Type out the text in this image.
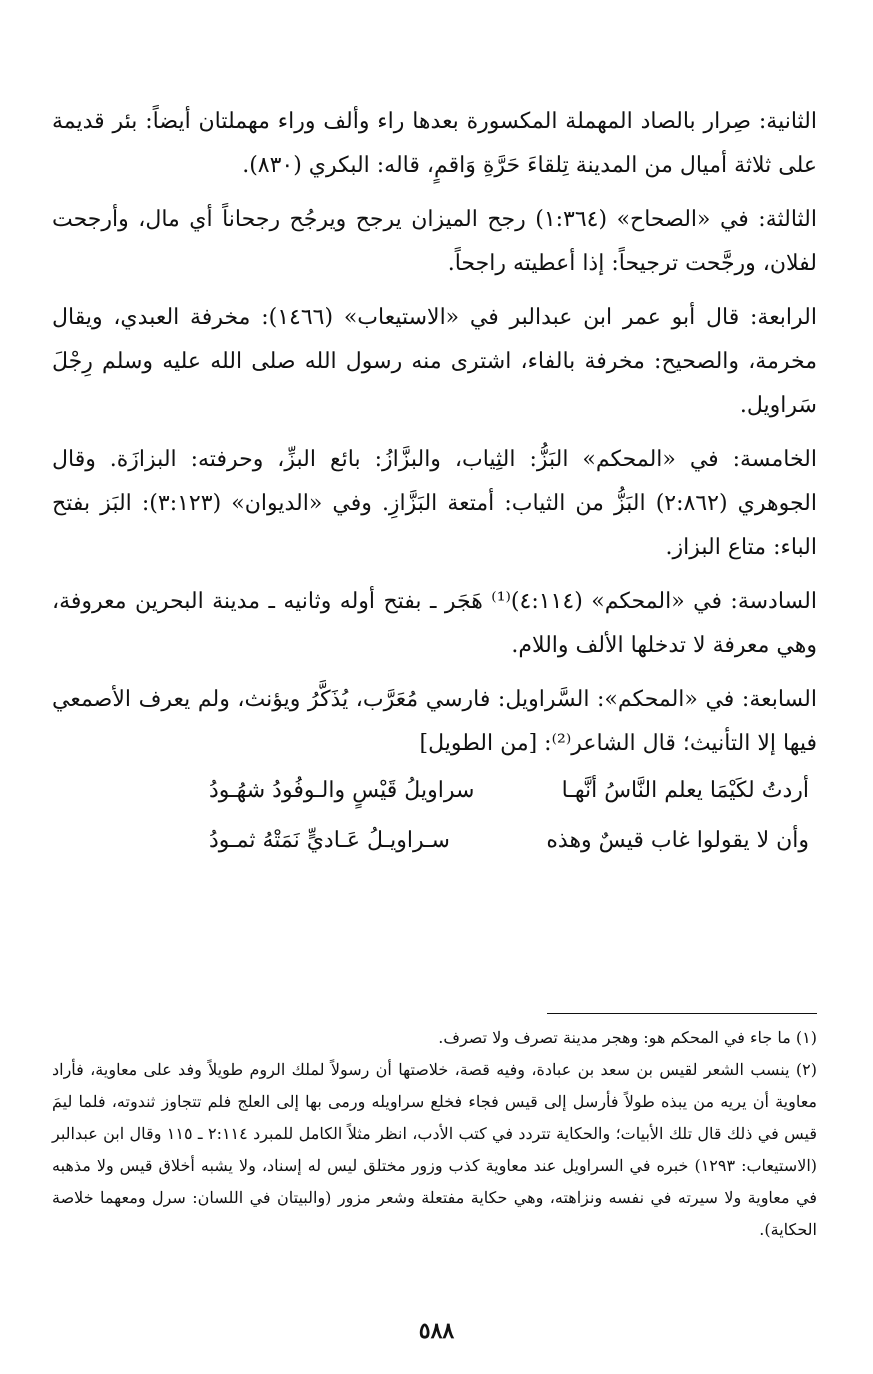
الثانية: صِرار بالصاد المهملة المكسورة بعدها راء وألف وراء مهملتان أيضاً: بئر قديمة على ثلاثة أميال من المدينة تِلقاءَ حَرَّةِ وَاقمٍ، قاله: البكري (٨٣٠).

الثالثة: في «الصحاح» (١:٣٦٤) رجح الميزان يرجح ويرجُح رجحاناً أي مال، وأرجحت لفلان، ورجَّحت ترجيحاً: إذا أعطيته راجحاً.

الرابعة: قال أبو عمر ابن عبدالبر في «الاستيعاب» (١٤٦٦): مخرفة العبدي، ويقال مخرمة، والصحيح: مخرفة بالفاء، اشترى منه رسول الله صلى الله عليه وسلم رِجْلَ سَراويل.

الخامسة: في «المحكم» البَزُّ: الثِياب، والبزَّازُ: بائع البزِّ، وحرفته: البزازَة. وقال الجوهري (٢:٨٦٢) البَزُّ من الثياب: أمتعة البَزَّازِ. وفي «الديوان» (٣:١٢٣): البَز بفتح الباء: متاع البزاز.

السادسة: في «المحكم» (٤:١١٤)⁽¹⁾ هَجَر ـ بفتح أوله وثانيه ـ مدينة البحرين معروفة، وهي معرفة لا تدخلها الألف واللام.

السابعة: في «المحكم»: السَّراويل: فارسي مُعَرَّب، يُذَكَّرُ ويؤنث، ولم يعرف الأصمعي فيها إلا التأنيث؛ قال الشاعر⁽²⁾: [من الطويل]

أردتُ لكَيْمَا يعلم النَّاسُ أنَّهـا
سراويلُ قَيْسٍ والـوفُودُ شهُـودُ
وأن لا يقولوا غاب قيسٌ وهذه
سـراويـلُ عَـاديٍّ نَمَتْهُ ثمـودُ

(١) ما جاء في المحكم هو: وهجر مدينة تصرف ولا تصرف.

(٢) ينسب الشعر لقيس بن سعد بن عبادة، وفيه قصة، خلاصتها أن رسولاً لملك الروم طويلاً وفد على معاوية، فأراد معاوية أن يريه من يبذه طولاً فأرسل إلى قيس فجاء فخلع سراويله ورمى بها إلى العلج فلم تتجاوز ثندوته، فلما ليمَ قيس في ذلك قال تلك الأبيات؛ والحكاية تتردد في كتب الأدب، انظر مثلاً الكامل للمبرد ٢:١١٤ ـ ١١٥ وقال ابن عبدالبر (الاستيعاب: ١٢٩٣) خبره في السراويل عند معاوية كذب وزور مختلق ليس له إسناد، ولا يشبه أخلاق قيس ولا مذهبه في معاوية ولا سيرته في نفسه ونزاهته، وهي حكاية مفتعلة وشعر مزور (والبيتان في اللسان: سرل ومعهما خلاصة الحكاية).

٥٨٨
